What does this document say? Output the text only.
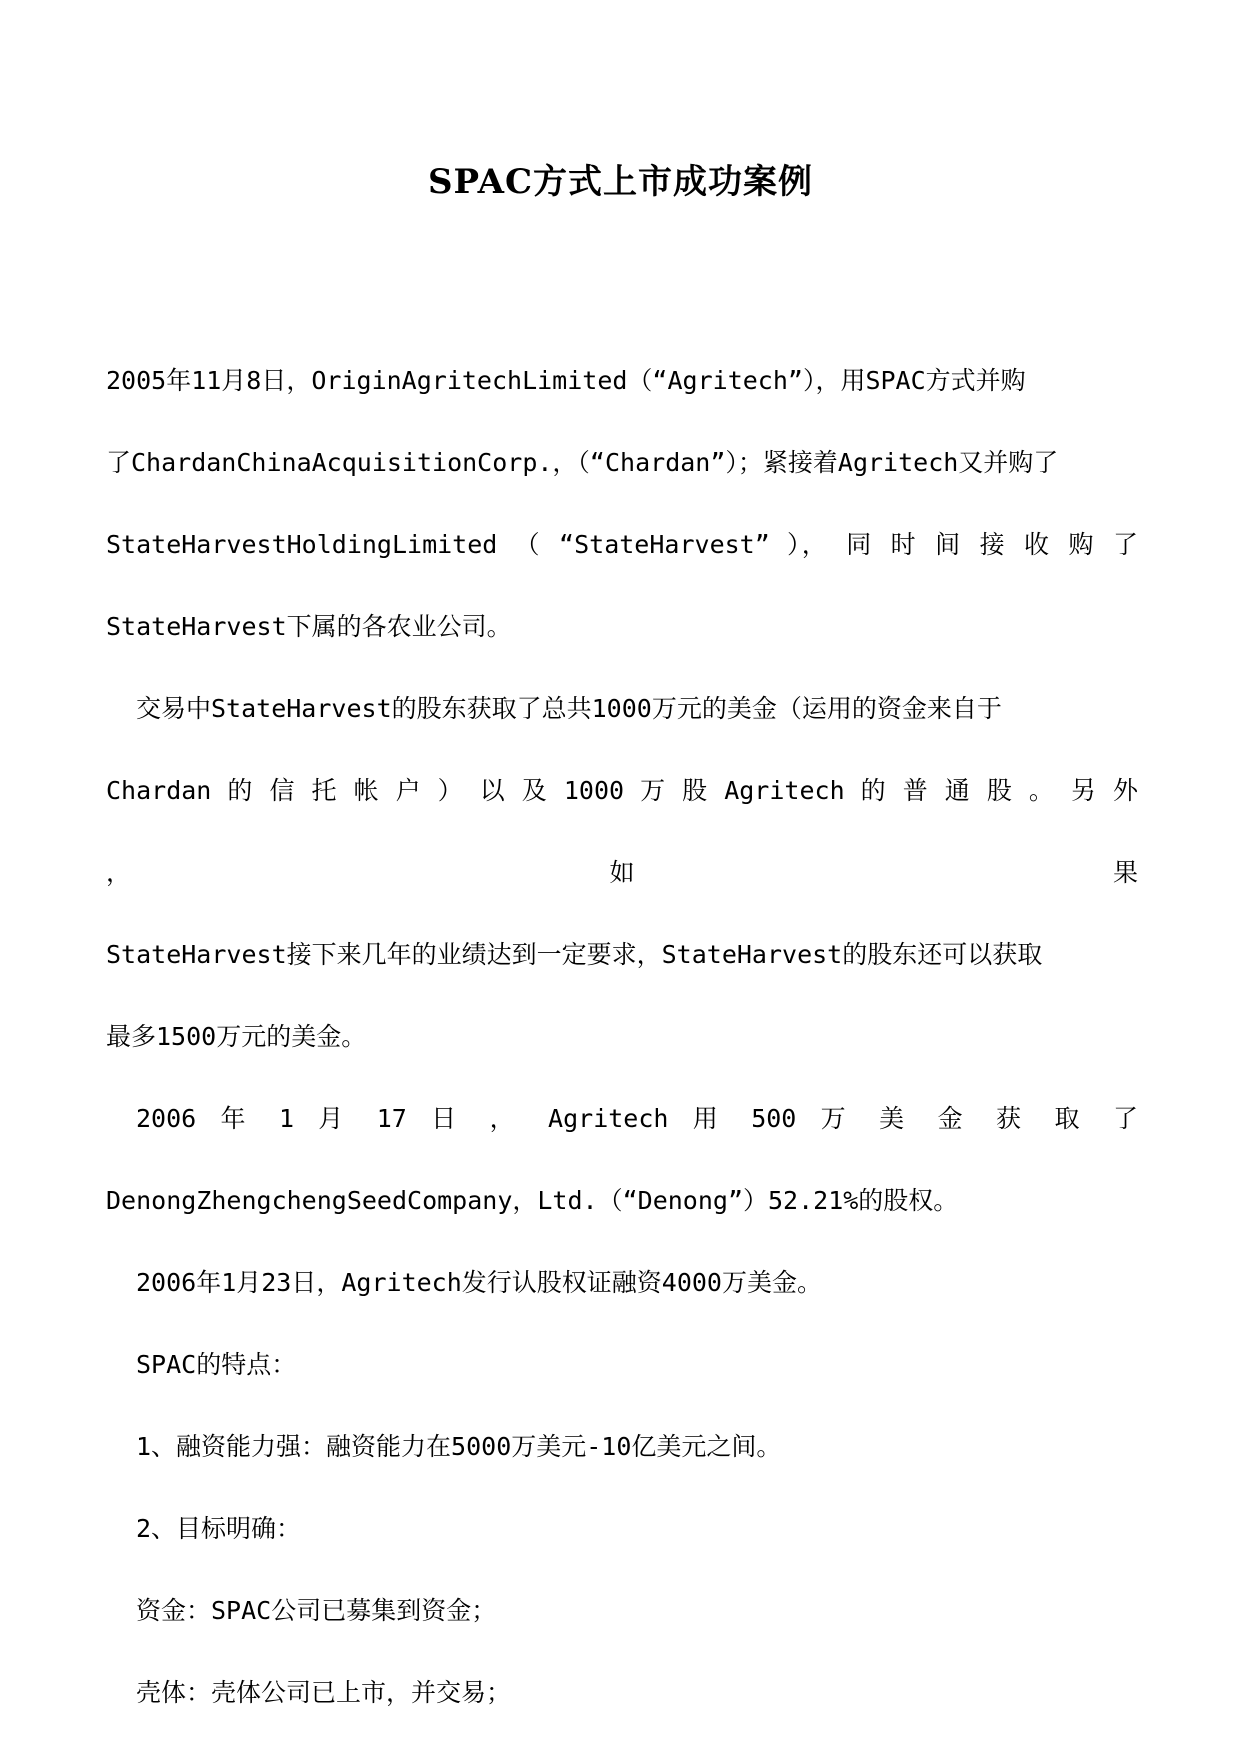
SPAC方式上市成功案例

2005年11月8日，OriginAgritechLimited（“Agritech”），用SPAC方式并购
了ChardanChinaAcquisitionCorp.，（“Chardan”）；紧接着Agritech又并购了
StateHarvestHoldingLimited （ “StateHarvest” ）， 同 时 间 接 收 购 了
StateHarvest下属的各农业公司。

交易中StateHarvest的股东获取了总共1000万元的美金（运用的资金来自于
Chardan 的 信 托 帐 户 ） 以 及 1000 万 股 Agritech 的 普 通 股 。 另 外 ， 如 果
StateHarvest接下来几年的业绩达到一定要求，StateHarvest的股东还可以获取
最多1500万元的美金。

2006 年 1 月 17 日 ， Agritech 用 500 万 美 金 获 取 了
DenongZhengchengSeedCompany，Ltd.（“Denong”）52.21%的股权。

2006年1月23日，Agritech发行认股权证融资4000万美金。

SPAC的特点：

1、融资能力强：融资能力在5000万美元-10亿美元之间。

2、目标明确：

资金：SPAC公司已募集到资金；

壳体：壳体公司已上市，并交易；
